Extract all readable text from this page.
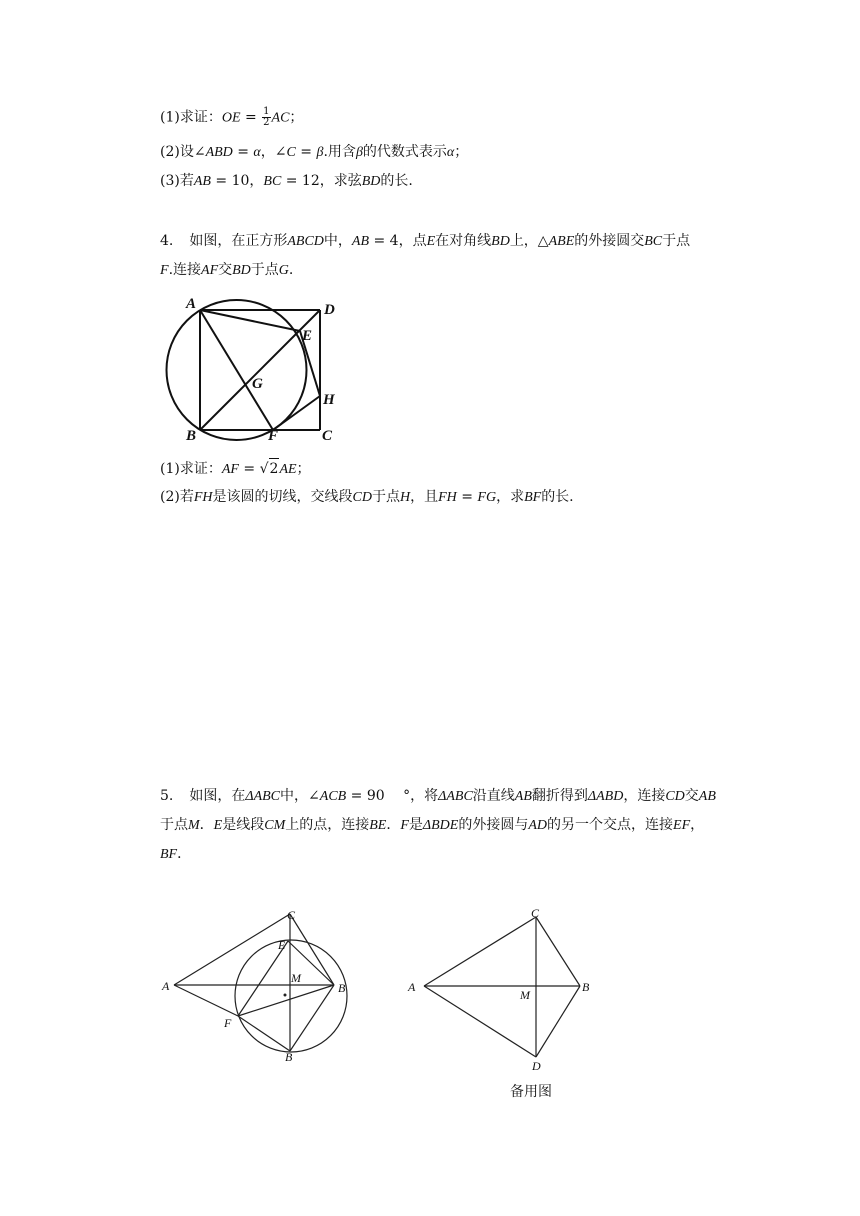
(1)求证：OE = $\frac{1}{2}$ AC；
(2)设∠ABD = α，∠C = β.用含β的代数式表示α；
(3)若AB = 10，BC = 12，求弦BD的长.
4. 如图，在正方形ABCD中，AB = 4，点E在对角线BD上，△ABE的外接圆交BC于点
F.连接AF交BD于点G.
A	D
E
G
H
B	F	C
(1)求证：AF = √2AE；
(2)若FH是该圆的切线，交线段CD于点H，且FH = FG，求BF的长.
5. 如图，在ΔABC中，∠ACB = 90 　°，将ΔABC沿直线AB翻折得到ΔABD，连接CD交AB
于点M．E是线段CM上的点，连接BE．F是ΔBDE的外接圆与AD的另一个交点，连接EF，
BF．
A
C
E
M
B
F
B
A
C
M
B
D
备用图
